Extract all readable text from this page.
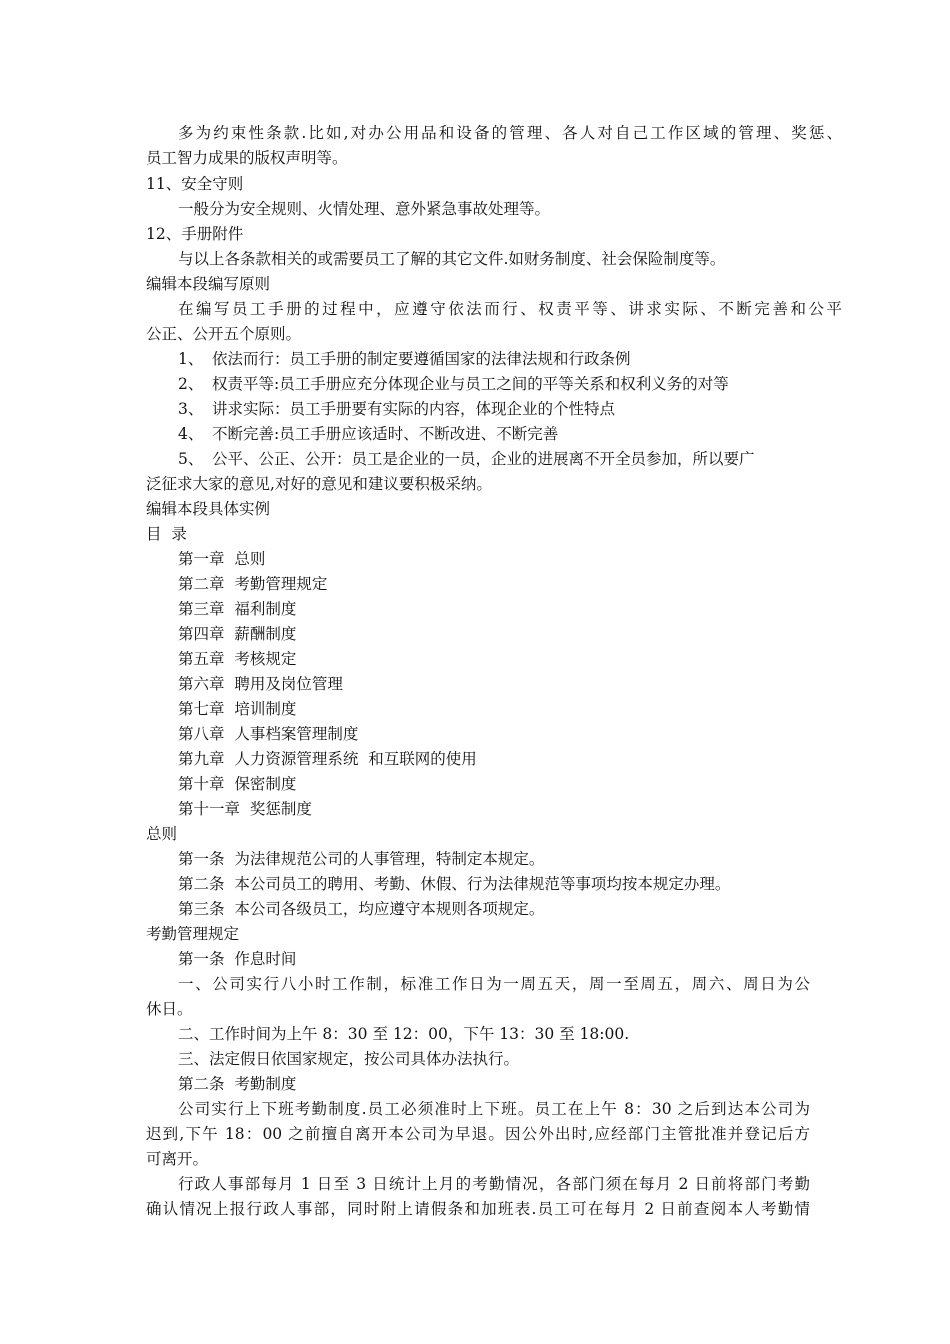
多为约束性条款.比如,对办公用品和设备的管理、各人对自己工作区域的管理、奖惩、
员工智力成果的版权声明等。
11、安全守则
一般分为安全规则、火情处理、意外紧急事故处理等。
12、手册附件
与以上各条款相关的或需要员工了解的其它文件.如财务制度、社会保险制度等。
编辑本段编写原则
在编写员工手册的过程中，应遵守依法而行、权责平等、讲求实际、不断完善和公平
公正、公开五个原则。
1、 依法而行：员工手册的制定要遵循国家的法律法规和行政条例
2、 权责平等:员工手册应充分体现企业与员工之间的平等关系和权利义务的对等
3、 讲求实际：员工手册要有实际的内容，体现企业的个性特点
4、 不断完善:员工手册应该适时、不断改进、不断完善
5、 公平、公正、公开：员工是企业的一员，企业的进展离不开全员参加，所以要广
泛征求大家的意见,对好的意见和建议要积极采纳。
编辑本段具体实例
目  录
第一章  总则
第二章  考勤管理规定
第三章  福利制度
第四章  薪酬制度
第五章  考核规定
第六章  聘用及岗位管理
第七章  培训制度
第八章  人事档案管理制度
第九章  人力资源管理系统  和互联网的使用
第十章  保密制度
第十一章  奖惩制度
总则
第一条  为法律规范公司的人事管理，特制定本规定。
第二条  本公司员工的聘用、考勤、休假、行为法律规范等事项均按本规定办理。
第三条  本公司各级员工，均应遵守本规则各项规定。
考勤管理规定
第一条  作息时间
一、公司实行八小时工作制，标准工作日为一周五天，周一至周五，周六、周日为公
休日。
二、工作时间为上午 8：30 至 12：00，下午 13：30 至 18:00.
三、法定假日依国家规定，按公司具体办法执行。
第二条  考勤制度
公司实行上下班考勤制度.员工必须准时上下班。员工在上午 8：30 之后到达本公司为
迟到,下午 18：00 之前擅自离开本公司为早退。因公外出时,应经部门主管批准并登记后方
可离开。
行政人事部每月 1 日至 3 日统计上月的考勤情况，各部门须在每月 2 日前将部门考勤
确认情况上报行政人事部，同时附上请假条和加班表.员工可在每月 2 日前查阅本人考勤情
